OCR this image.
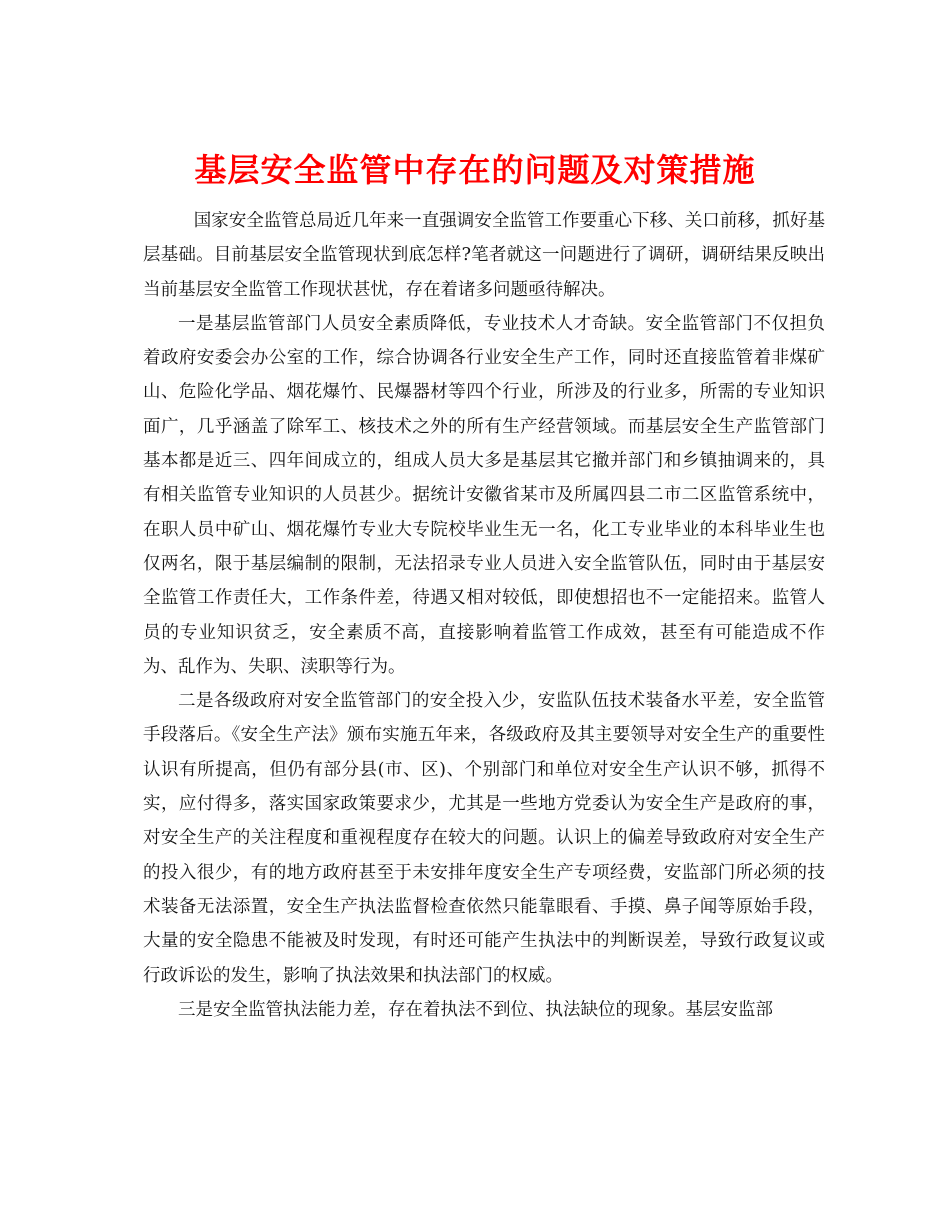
基层安全监管中存在的问题及对策措施

国家安全监管总局近几年来一直强调安全监管工作要重心下移、关口前移，抓好基层基础。目前基层安全监管现状到底怎样?笔者就这一问题进行了调研，调研结果反映出当前基层安全监管工作现状甚忧，存在着诸多问题亟待解决。

一是基层监管部门人员安全素质降低，专业技术人才奇缺。安全监管部门不仅担负着政府安委会办公室的工作，综合协调各行业安全生产工作，同时还直接监管着非煤矿山、危险化学品、烟花爆竹、民爆器材等四个行业，所涉及的行业多，所需的专业知识面广，几乎涵盖了除军工、核技术之外的所有生产经营领域。而基层安全生产监管部门基本都是近三、四年间成立的，组成人员大多是基层其它撤并部门和乡镇抽调来的，具有相关监管专业知识的人员甚少。据统计安徽省某市及所属四县二市二区监管系统中，在职人员中矿山、烟花爆竹专业大专院校毕业生无一名，化工专业毕业的本科毕业生也仅两名，限于基层编制的限制，无法招录专业人员进入安全监管队伍，同时由于基层安全监管工作责任大，工作条件差，待遇又相对较低，即使想招也不一定能招来。监管人员的专业知识贫乏，安全素质不高，直接影响着监管工作成效，甚至有可能造成不作为、乱作为、失职、渎职等行为。

二是各级政府对安全监管部门的安全投入少，安监队伍技术装备水平差，安全监管手段落后。《安全生产法》颁布实施五年来，各级政府及其主要领导对安全生产的重要性认识有所提高，但仍有部分县(市、区)、个别部门和单位对安全生产认识不够，抓得不实，应付得多，落实国家政策要求少，尤其是一些地方党委认为安全生产是政府的事，对安全生产的关注程度和重视程度存在较大的问题。认识上的偏差导致政府对安全生产的投入很少，有的地方政府甚至于未安排年度安全生产专项经费，安监部门所必须的技术装备无法添置，安全生产执法监督检查依然只能靠眼看、手摸、鼻子闻等原始手段，大量的安全隐患不能被及时发现，有时还可能产生执法中的判断误差，导致行政复议或行政诉讼的发生，影响了执法效果和执法部门的权威。

三是安全监管执法能力差，存在着执法不到位、执法缺位的现象。基层安监部
